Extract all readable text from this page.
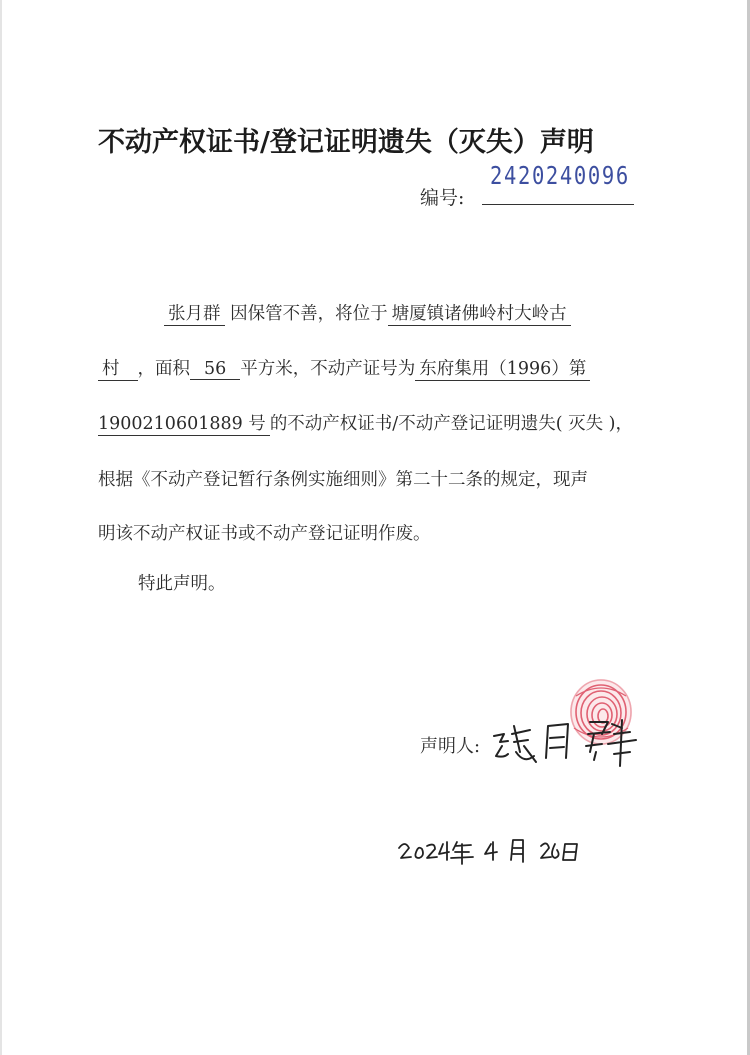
不动产权证书/登记证明遗失（灭失）声明
编号:
2420240096
张月群 因保管不善，将位于 塘厦镇诸佛岭村大岭古
村 ，面积 56 平方米，不动产证号为 东府集用（1996）第
1900210601889 号 的不动产权证书/不动产登记证明遗失( 灭失 )，
根据《不动产登记暂行条例实施细则》第二十二条的规定，现声
明该不动产权证书或不动产登记证明作废。
特此声明。
声明人:
